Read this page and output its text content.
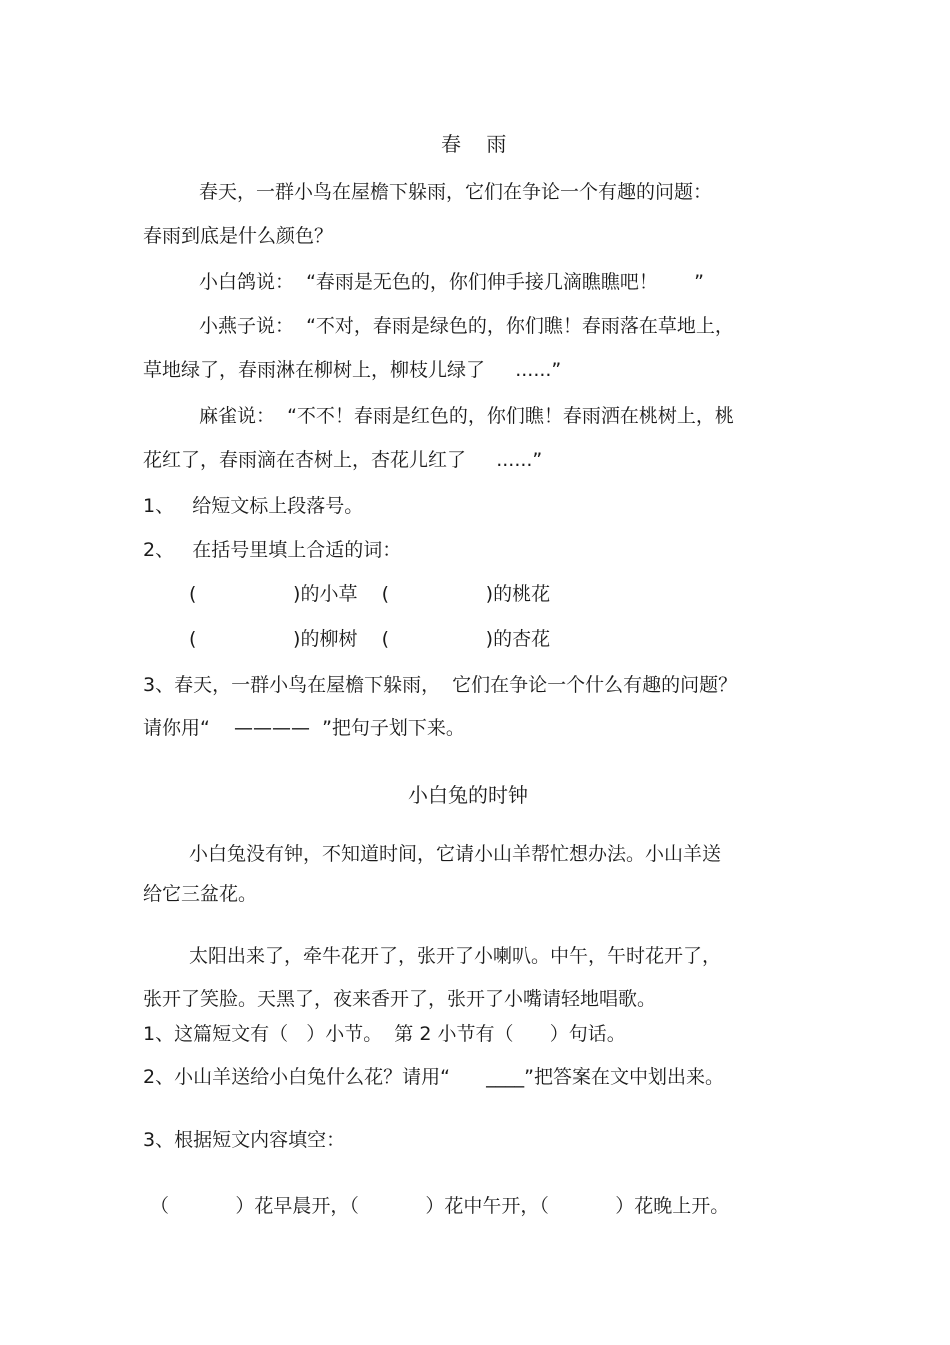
春    雨
春天，一群小鸟在屋檐下躲雨，它们在争论一个有趣的问题：
春雨到底是什么颜色？
小白鸽说：  “春雨是无色的，你们伸手接几滴瞧瞧吧！      ”
小燕子说：  “不对，春雨是绿色的，你们瞧！春雨落在草地上，
草地绿了，春雨淋在柳树上，柳枝儿绿了     ......”
麻雀说：  “不不！春雨是红色的，你们瞧！春雨洒在桃树上，桃
花红了，春雨滴在杏树上，杏花儿红了     ......”
1、   给短文标上段落号。
2、   在括号里填上合适的词：
(                )的小草    (                )的桃花
(                )的柳树    (                )的杏花
3、春天，一群小鸟在屋檐下躲雨，  它们在争论一个什么有趣的问题？
请你用“    ————  ”把句子划下来。
小白兔的时钟
小白兔没有钟，不知道时间，它请小山羊帮忙想办法。小山羊送
给它三盆花。
太阳出来了，牵牛花开了，张开了小喇叭。中午，午时花开了，
张开了笑脸。天黑了，夜来香开了，张开了小嘴请轻地唱歌。
1、这篇短文有（   ）小节。  第 2 小节有（      ）句话。
2、小山羊送给小白兔什么花？请用“      ____”把答案在文中划出来。
3、根据短文内容填空：
（           ）花早晨开，（           ）花中午开，（           ）花晚上开。
